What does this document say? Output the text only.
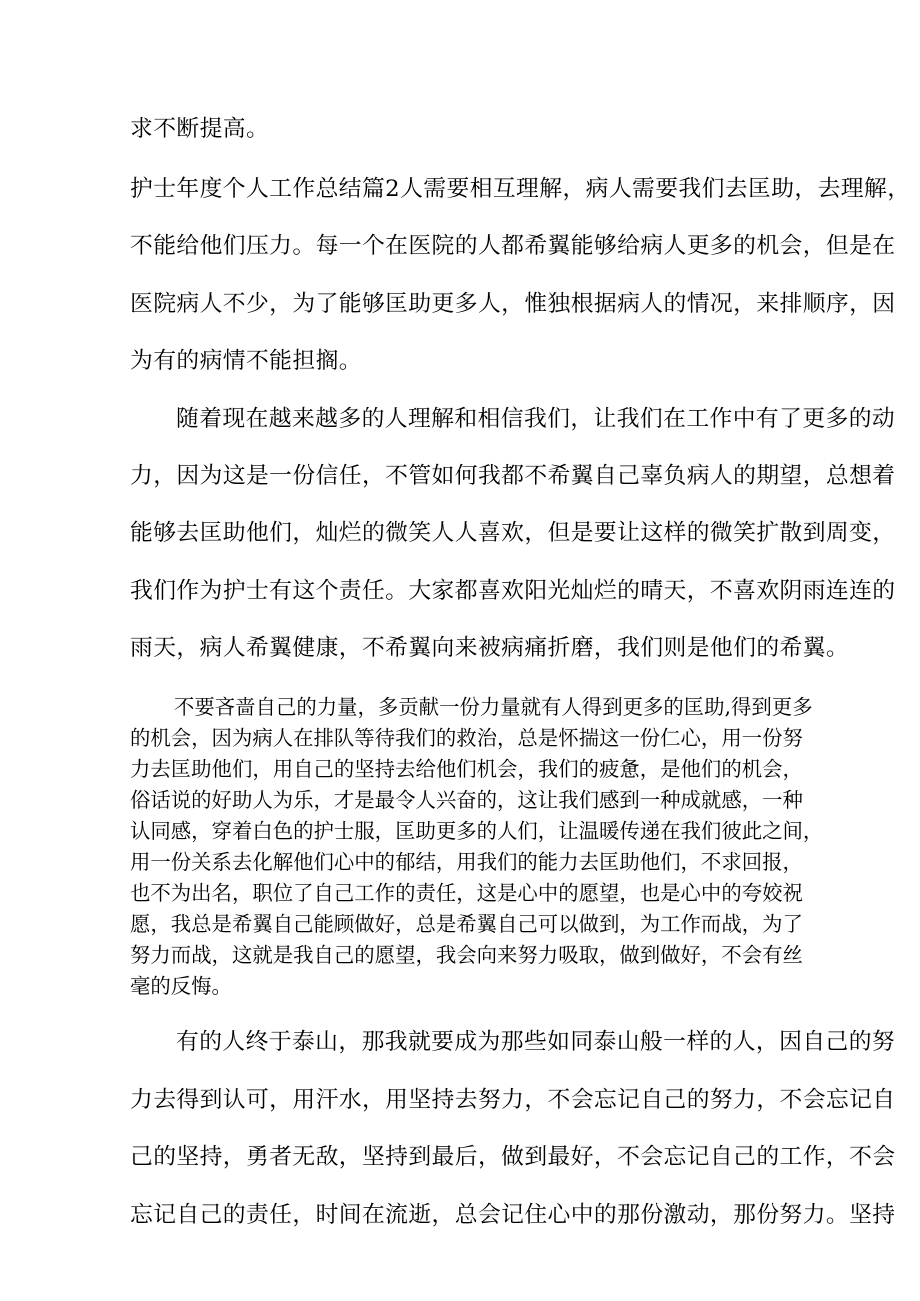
求不断提高。

护士年度个人工作总结篇2人需要相互理解，病人需要我们去匡助，去理解，

不能给他们压力。每一个在医院的人都希翼能够给病人更多的机会，但是在

医院病人不少，为了能够匡助更多人，惟独根据病人的情况，来排顺序，因

为有的病情不能担搁。

随着现在越来越多的人理解和相信我们，让我们在工作中有了更多的动

力，因为这是一份信任，不管如何我都不希翼自己辜负病人的期望，总想着

能够去匡助他们，灿烂的微笑人人喜欢，但是要让这样的微笑扩散到周变，

我们作为护士有这个责任。大家都喜欢阳光灿烂的晴天，不喜欢阴雨连连的

雨天，病人希翼健康，不希翼向来被病痛折磨，我们则是他们的希翼。

不要吝啬自己的力量，多贡献一份力量就有人得到更多的匡助,得到更多

的机会，因为病人在排队等待我们的救治，总是怀揣这一份仁心，用一份努

力去匡助他们，用自己的坚持去给他们机会，我们的疲惫，是他们的机会，

俗话说的好助人为乐，才是最令人兴奋的，这让我们感到一种成就感，一种

认同感，穿着白色的护士服，匡助更多的人们，让温暖传递在我们彼此之间，

用一份关系去化解他们心中的郁结，用我们的能力去匡助他们，不求回报，

也不为出名，职位了自己工作的责任，这是心中的愿望，也是心中的夸姣祝

愿，我总是希翼自己能顾做好，总是希翼自己可以做到，为工作而战，为了

努力而战，这就是我自己的愿望，我会向来努力吸取，做到做好，不会有丝

毫的反悔。

有的人终于泰山，那我就要成为那些如同泰山般一样的人，因自己的努

力去得到认可，用汗水，用坚持去努力，不会忘记自己的努力，不会忘记自

己的坚持，勇者无敌，坚持到最后，做到最好，不会忘记自己的工作，不会

忘记自己的责任，时间在流逝，总会记住心中的那份激动，那份努力。坚持
